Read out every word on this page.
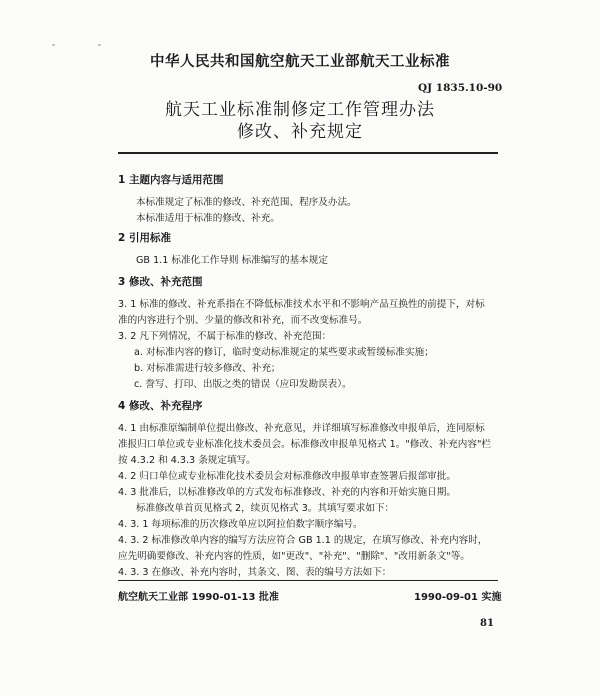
中华人民共和国航空航天工业部航天工业标准
QJ 1835.10-90
航天工业标准制修定工作管理办法
修改、补充规定
1 主题内容与适用范围
本标准规定了标准的修改、补充范围、程序及办法。
本标准适用于标准的修改、补充。
2 引用标准
GB 1.1 标准化工作导则 标准编写的基本规定
3 修改、补充范围
3. 1 标准的修改、补充系指在不降低标准技术水平和不影响产品互换性的前提下，对标
准的内容进行个别、少量的修改和补充，而不改变标准号。
3. 2 凡下列情况，不属于标准的修改、补充范围：
a. 对标准内容的修订，临时变动标准规定的某些要求或暂缓标准实施；
b. 对标准需进行较多修改、补充；
c. 誊写、打印、出版之类的错误（应印发勘误表）。
4 修改、补充程序
4. 1 由标准原编制单位提出修改、补充意见，并详细填写标准修改申报单后，连同原标
准报归口单位或专业标准化技术委员会。标准修改申报单见格式 1。"修改、补充内容"栏
按 4.3.2 和 4.3.3 条规定填写。
4. 2 归口单位或专业标准化技术委员会对标准修改申报单审查签署后报部审批。
4. 3 批准后，以标准修改单的方式发布标准修改、补充的内容和开始实施日期。
标准修改单首页见格式 2，续页见格式 3。其填写要求如下：
4. 3. 1 每项标准的历次修改单应以阿拉伯数字顺序编号。
4. 3. 2 标准修改单内容的编写方法应符合 GB 1.1 的规定，在填写修改、补充内容时，
应先明确要修改、补充内容的性质，如"更改"、"补充"、"删除"、"改用新条文"等。
4. 3. 3 在修改、补充内容时，其条文、图、表的编号方法如下：
航空航天工业部 1990-01-13 批准	1990-09-01 实施
81
